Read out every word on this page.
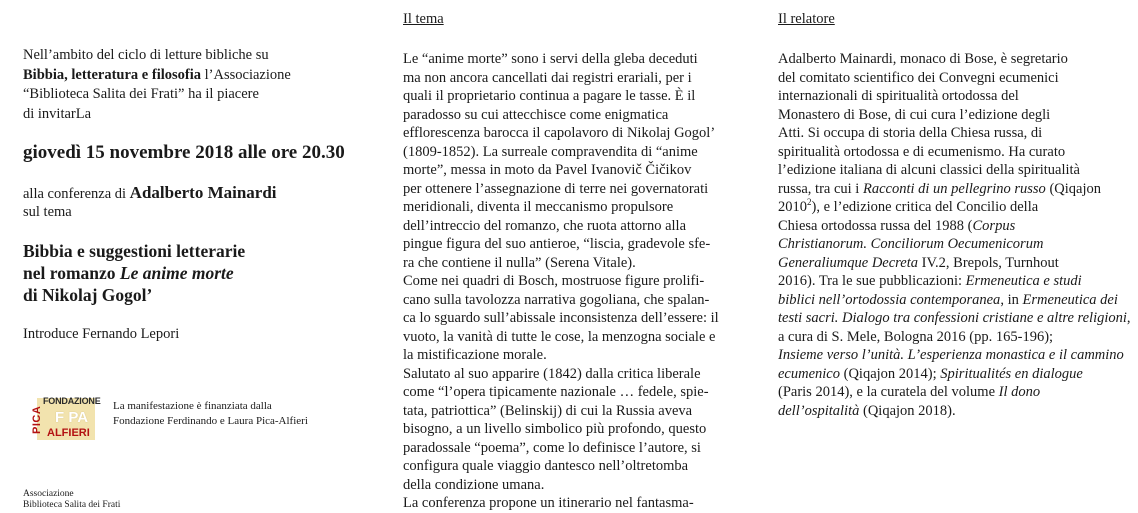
Nell’ambito del ciclo di letture bibliche su
Bibbia, letteratura e filosofia l’Associazione
“Biblioteca Salita dei Frati” ha il piacere
di invitarLa
giovedì 15 novembre 2018 alle ore 20.30
alla conferenza di Adalberto Mainardi
sul tema
Bibbia e suggestioni letterarie
nel romanzo Le anime morte
di Nikolaj Gogol’
Introduce Fernando Lepori
FONDAZIONE
PICA F PA
ALFIERI
La manifestazione è finanziata dalla
Fondazione Ferdinando e Laura Pica-Alfieri
Associazione
Biblioteca Salita dei Frati
Il tema
Le “anime morte” sono i servi della gleba deceduti
ma non ancora cancellati dai registri erariali, per i
quali il proprietario continua a pagare le tasse. È il
paradosso su cui attecchisce come enigmatica
efflorescenza barocca il capolavoro di Nikolaj Gogol’
(1809-1852). La surreale compravendita di “anime
morte”, messa in moto da Pavel Ivanovič Čičikov
per ottenere l’assegnazione di terre nei governatorati
meridionali, diventa il meccanismo propulsore
dell’intreccio del romanzo, che ruota attorno alla
pingue figura del suo antieroe, “liscia, gradevole sfe-
ra che contiene il nulla” (Serena Vitale).
Come nei quadri di Bosch, mostruose figure prolifi-
cano sulla tavolozza narrativa gogoliana, che spalan-
ca lo sguardo sull’abissale inconsistenza dell’essere: il
vuoto, la vanità di tutte le cose, la menzogna sociale e
la mistificazione morale.
Salutato al suo apparire (1842) dalla critica liberale
come “l’opera tipicamente nazionale … fedele, spie-
tata, patriottica” (Belinskij) di cui la Russia aveva
bisogno, a un livello simbolico più profondo, questo
paradossale “poema”, come lo definisce l’autore, si
configura quale viaggio dantesco nell’oltretomba
della condizione umana.
La conferenza propone un itinerario nel fantasma-
Il relatore
Adalberto Mainardi, monaco di Bose, è segretario
del comitato scientifico dei Convegni ecumenici
internazionali di spiritualità ortodossa del
Monastero di Bose, di cui cura l’edizione degli
Atti. Si occupa di storia della Chiesa russa, di
spiritualità ortodossa e di ecumenismo. Ha curato
l’edizione italiana di alcuni classici della spiritualità
russa, tra cui i Racconti di un pellegrino russo (Qiqajon
2010$^2$), e l’edizione critica del Concilio della
Chiesa ortodossa russa del 1988 (Corpus
Christianorum. Conciliorum Oecumenicorum
Generaliumque Decreta IV.2, Brepols, Turnhout
2016). Tra le sue pubblicazioni: Ermeneutica e studi
biblici nell’ortodossia contemporanea, in Ermeneutica dei
testi sacri. Dialogo tra confessioni cristiane e altre religioni,
a cura di S. Mele, Bologna 2016 (pp. 165-196);
Insieme verso l’unità. L’esperienza monastica e il cammino
ecumenico (Qiqajon 2014); Spiritualités en dialogue
(Paris 2014), e la curatela del volume Il dono
dell’ospitalità (Qiqajon 2018).
